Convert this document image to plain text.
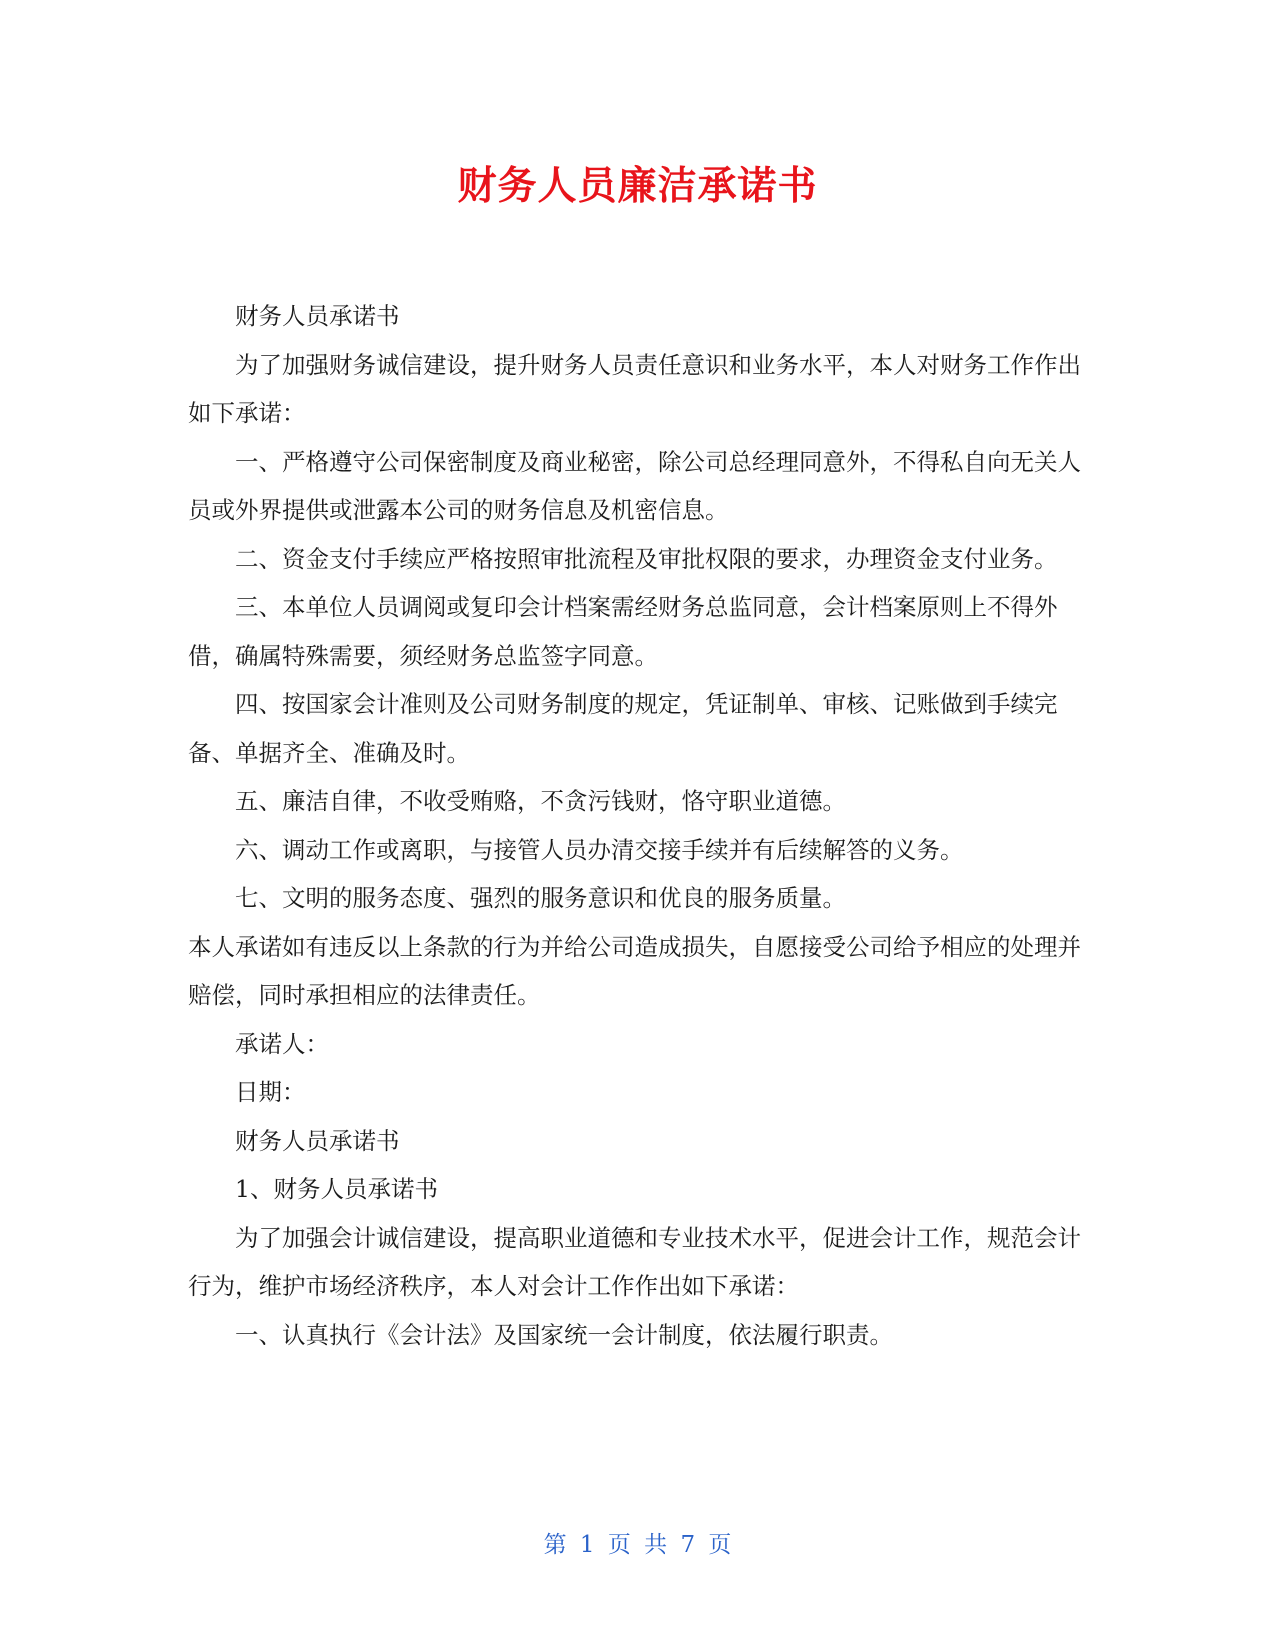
财务人员廉洁承诺书

财务人员承诺书

为了加强财务诚信建设，提升财务人员责任意识和业务水平，本人对财务工作作出如下承诺：

一、严格遵守公司保密制度及商业秘密，除公司总经理同意外，不得私自向无关人员或外界提供或泄露本公司的财务信息及机密信息。

二、资金支付手续应严格按照审批流程及审批权限的要求，办理资金支付业务。

三、本单位人员调阅或复印会计档案需经财务总监同意，会计档案原则上不得外借，确属特殊需要，须经财务总监签字同意。

四、按国家会计准则及公司财务制度的规定，凭证制单、审核、记账做到手续完备、单据齐全、准确及时。

五、廉洁自律，不收受贿赂，不贪污钱财，恪守职业道德。

六、调动工作或离职，与接管人员办清交接手续并有后续解答的义务。

七、文明的服务态度、强烈的服务意识和优良的服务质量。

本人承诺如有违反以上条款的行为并给公司造成损失，自愿接受公司给予相应的处理并赔偿，同时承担相应的法律责任。

承诺人：

日期：

财务人员承诺书

1、财务人员承诺书

为了加强会计诚信建设，提高职业道德和专业技术水平，促进会计工作，规范会计行为，维护市场经济秩序，本人对会计工作作出如下承诺：

一、认真执行《会计法》及国家统一会计制度，依法履行职责。

第 1 页 共 7 页
